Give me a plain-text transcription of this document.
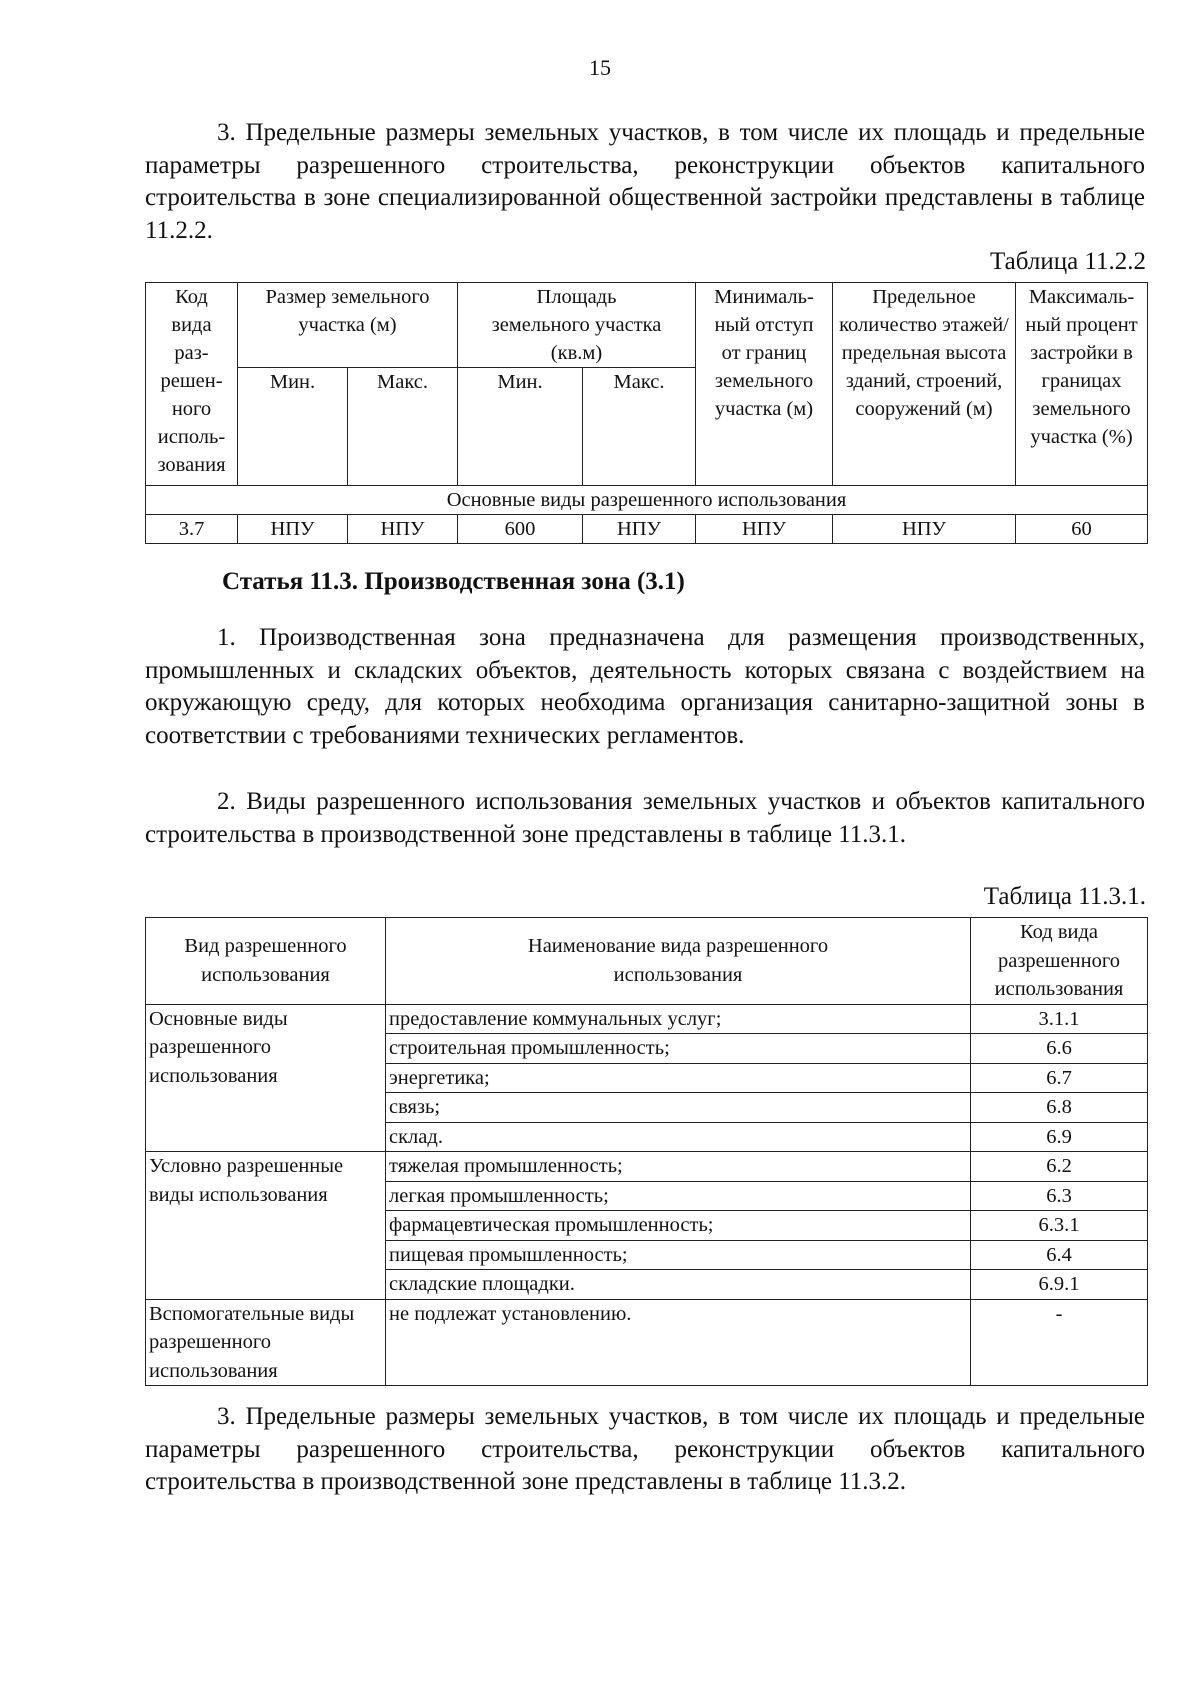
15

3. Предельные размеры земельных участков, в том числе их площадь и предельные параметры разрешенного строительства, реконструкции объектов капитального строительства в зоне специализированной общественной застройки представлены в таблице 11.2.2.

Таблица 11.2.2
Код вида раз-решен-ного исполь-зования	Размер земельного участка (м)		Площадь земельного участка (кв.м)		Минималь-ный отступ от границ земельного участка (м)	Предельное количество этажей/ предельная высота зданий, строений, сооружений (м)	Максималь-ный процент застройки в границах земельного участка (%)
	Мин.	Макс.	Мин.	Макс.			
Основные виды разрешенного использования							
3.7	НПУ	НПУ	600	НПУ	НПУ	НПУ	60
Статья 11.3. Производственная зона (3.1)

1. Производственная зона предназначена для размещения производственных, промышленных и складских объектов, деятельность которых связана с воздействием на окружающую среду, для которых необходима организация санитарно-защитной зоны в соответствии с требованиями технических регламентов.

2. Виды разрешенного использования земельных участков и объектов капитального строительства в производственной зоне представлены в таблице 11.3.1.

Таблица 11.3.1.
Вид разрешенного использования	Наименование вида разрешенного использования	Код вида разрешенного использования
Основные виды разрешенного использования	предоставление коммунальных услуг;	3.1.1
	строительная промышленность;	6.6
	энергетика;	6.7
	связь;	6.8
	склад.	6.9
Условно разрешенные виды использования	тяжелая промышленность;	6.2
	легкая промышленность;	6.3
	фармацевтическая промышленность;	6.3.1
	пищевая промышленность;	6.4
	складские площадки.	6.9.1
Вспомогательные виды разрешенного использования	не подлежат установлению.	-

3. Предельные размеры земельных участков, в том числе их площадь и предельные параметры разрешенного строительства, реконструкции объектов капитального строительства в производственной зоне представлены в таблице 11.3.2.
